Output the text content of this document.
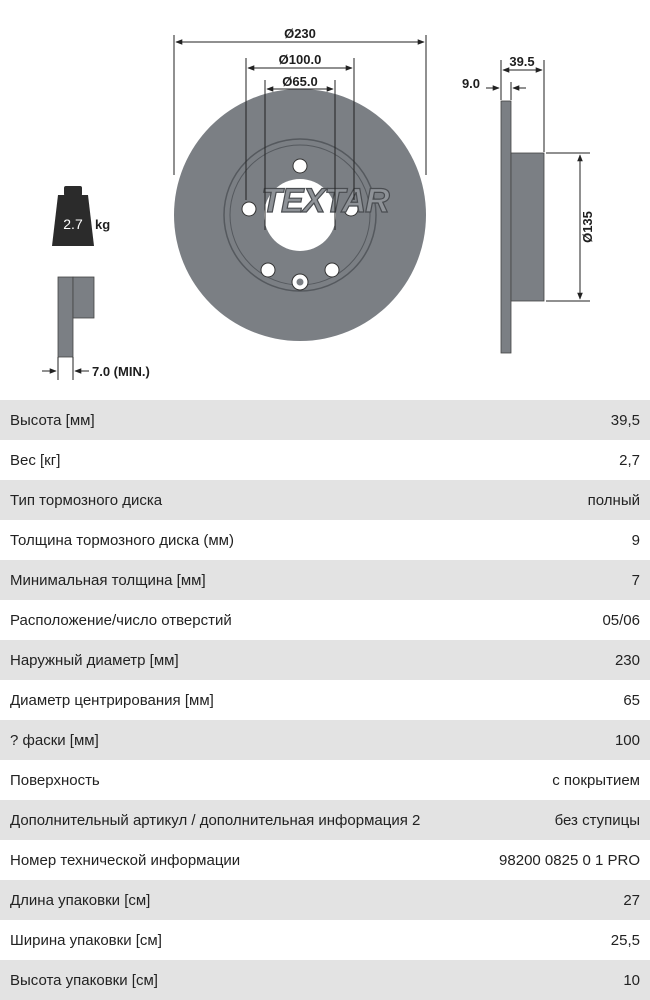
TEXTAR
Ø230
Ø100.0
Ø65.0
39.5
9.0
Ø135
2.7 kg
7.0 (MIN.)
Высота [мм]	39,5
Вес [кг]	2,7
Тип тормозного диска	полный
Толщина тормозного диска (мм)	9
Минимальная толщина [мм]	7
Расположение/число отверстий	05/06
Наружный диаметр [мм]	230
Диаметр центрирования [мм]	65
? фаски [мм]	100
Поверхность	с покрытием
Дополнительный артикул / дополнительная информация 2	без ступицы
Номер технической информации	98200 0825 0 1 PRO
Длина упаковки [см]	27
Ширина упаковки [см]	25,5
Высота упаковки [см]	10
